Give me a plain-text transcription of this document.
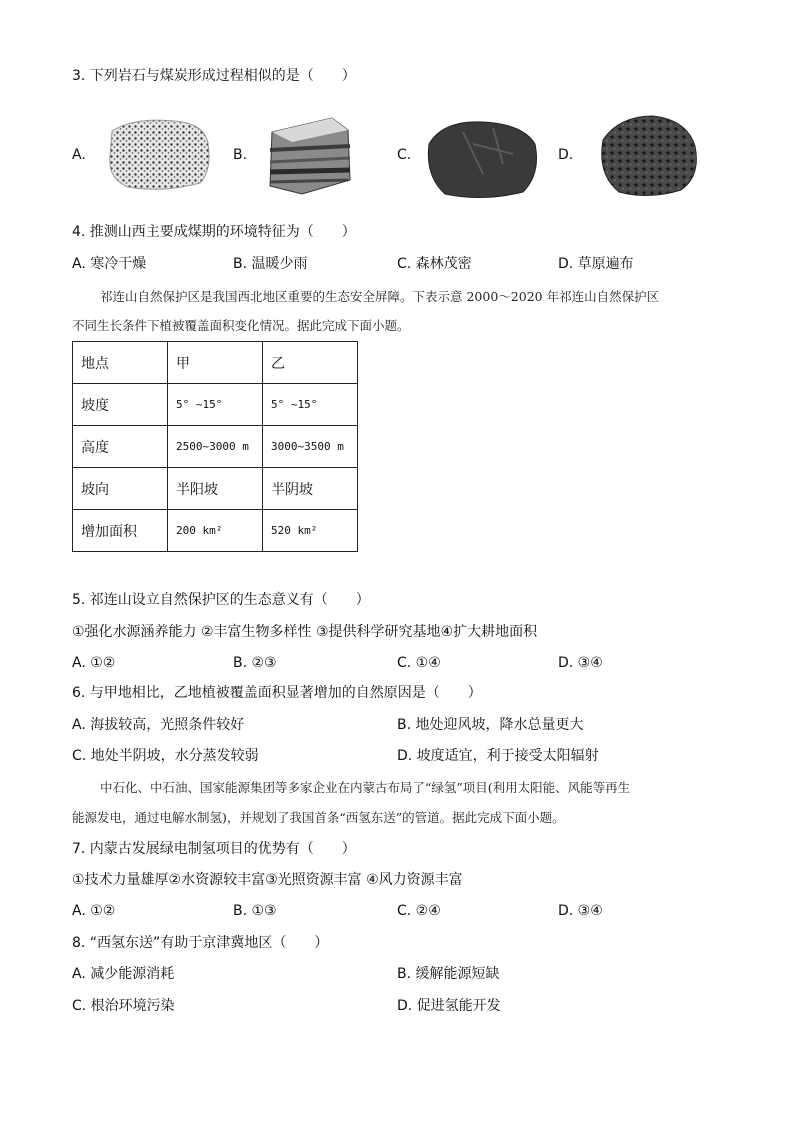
3. 下列岩石与煤炭形成过程相似的是（　　）
A.	B.	C.	D.
4. 推测山西主要成煤期的环境特征为（　　）
A. 寒冷干燥	B. 温暖少雨	C. 森林茂密	D. 草原遍布
祁连山自然保护区是我国西北地区重要的生态安全屏障。下表示意 2000～2020 年祁连山自然保护区
不同生长条件下植被覆盖面积变化情况。据此完成下面小题。
地点	甲	乙
坡度	5° ~15°	5° ~15°
高度	2500~3000 m	3000~3500 m
坡向	半阳坡	半阴坡
增加面积	200 km²	520 km²
5. 祁连山设立自然保护区的生态意义有（　　）
①强化水源涵养能力 ②丰富生物多样性 ③提供科学研究基地④扩大耕地面积
A. ①②	B. ②③	C. ①④	D. ③④
6. 与甲地相比，乙地植被覆盖面积显著增加的自然原因是（　　）
A. 海拔较高，光照条件较好	B. 地处迎风坡，降水总量更大
C. 地处半阴坡，水分蒸发较弱	D. 坡度适宜，利于接受太阳辐射
中石化、中石油、国家能源集团等多家企业在内蒙古布局了“绿氢”项目(利用太阳能、风能等再生
能源发电，通过电解水制氢)，并规划了我国首条“西氢东送”的管道。据此完成下面小题。
7. 内蒙古发展绿电制氢项目的优势有（　　）
①技术力量雄厚②水资源较丰富③光照资源丰富 ④风力资源丰富
A. ①②	B. ①③	C. ②④	D. ③④
8. “西氢东送”有助于京津冀地区（　　）
A. 减少能源消耗	B. 缓解能源短缺
C. 根治环境污染	D. 促进氢能开发
